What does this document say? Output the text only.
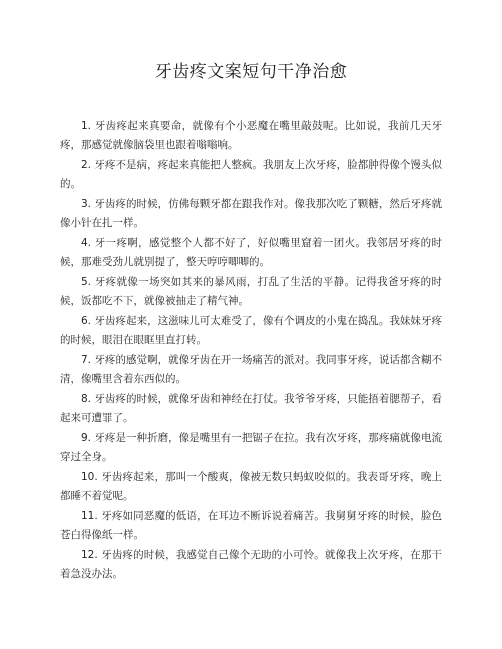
牙齿疼文案短句干净治愈

1. 牙齿疼起来真要命，就像有个小恶魔在嘴里敲鼓呢。比如说，我前几天牙疼，那感觉就像脑袋里也跟着嗡嗡响。

2. 牙疼不是病，疼起来真能把人整疯。我朋友上次牙疼，脸都肿得像个馒头似的。

3. 牙齿疼的时候，仿佛每颗牙都在跟我作对。像我那次吃了颗糖，然后牙疼就像小针在扎一样。

4. 牙一疼啊，感觉整个人都不好了，好似嘴里窟着一团火。我邻居牙疼的时候，那难受劲儿就别提了，整天哼哼唧唧的。

5. 牙疼就像一场突如其来的暴风雨，打乱了生活的平静。记得我爸牙疼的时候，饭都吃不下，就像被抽走了精气神。

6. 牙齿疼起来，这滋味儿可太难受了，像有个调皮的小鬼在捣乱。我妹妹牙疼的时候，眼泪在眼眶里直打转。

7. 牙疼的感觉啊，就像牙齿在开一场痛苦的派对。我同事牙疼，说话都含糊不清，像嘴里含着东西似的。

8. 牙齿疼的时候，就像牙齿和神经在打仗。我爷爷牙疼，只能捂着腮帮子，看起来可遭罪了。

9. 牙疼是一种折磨，像是嘴里有一把锯子在拉。我有次牙疼，那疼痛就像电流穿过全身。

10. 牙齿疼起来，那叫一个酸爽，像被无数只蚂蚁咬似的。我表哥牙疼，晚上都睡不着觉呢。

11. 牙疼如同恶魔的低语，在耳边不断诉说着痛苦。我舅舅牙疼的时候，脸色苍白得像纸一样。

12. 牙齿疼的时候，我感觉自己像个无助的小可怜。就像我上次牙疼，在那干着急没办法。
